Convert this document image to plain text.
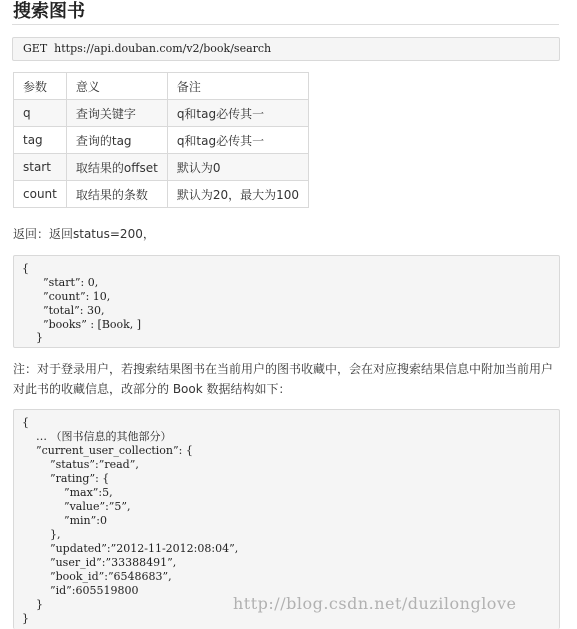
搜索图书
GET  https://api.douban.com/v2/book/search
参数	意义	备注
q	查询关键字	q和tag必传其一
tag	查询的tag	q和tag必传其一
start	取结果的offset	默认为0
count	取结果的条数	默认为20，最大为100
返回：返回status=200，
{
”start”: 0,
”count”: 10,
”total”: 30,
”books” : [Book, ]
}
注：对于登录用户，若搜索结果图书在当前用户的图书收藏中，会在对应搜索结果信息中附加当前用户
对此书的收藏信息，改部分的 Book 数据结构如下：
{
… （图书信息的其他部分）
”current_user_collection”: {
”status”:”read”,
”rating”: {
”max”:5,
”value”:”5”,
”min”:0
},
”updated”:”2012-11-2012:08:04”,
”user_id”:”33388491”,
”book_id”:”6548683”,
”id”:605519800
}
}
http://blog.csdn.net/duzilonglove
